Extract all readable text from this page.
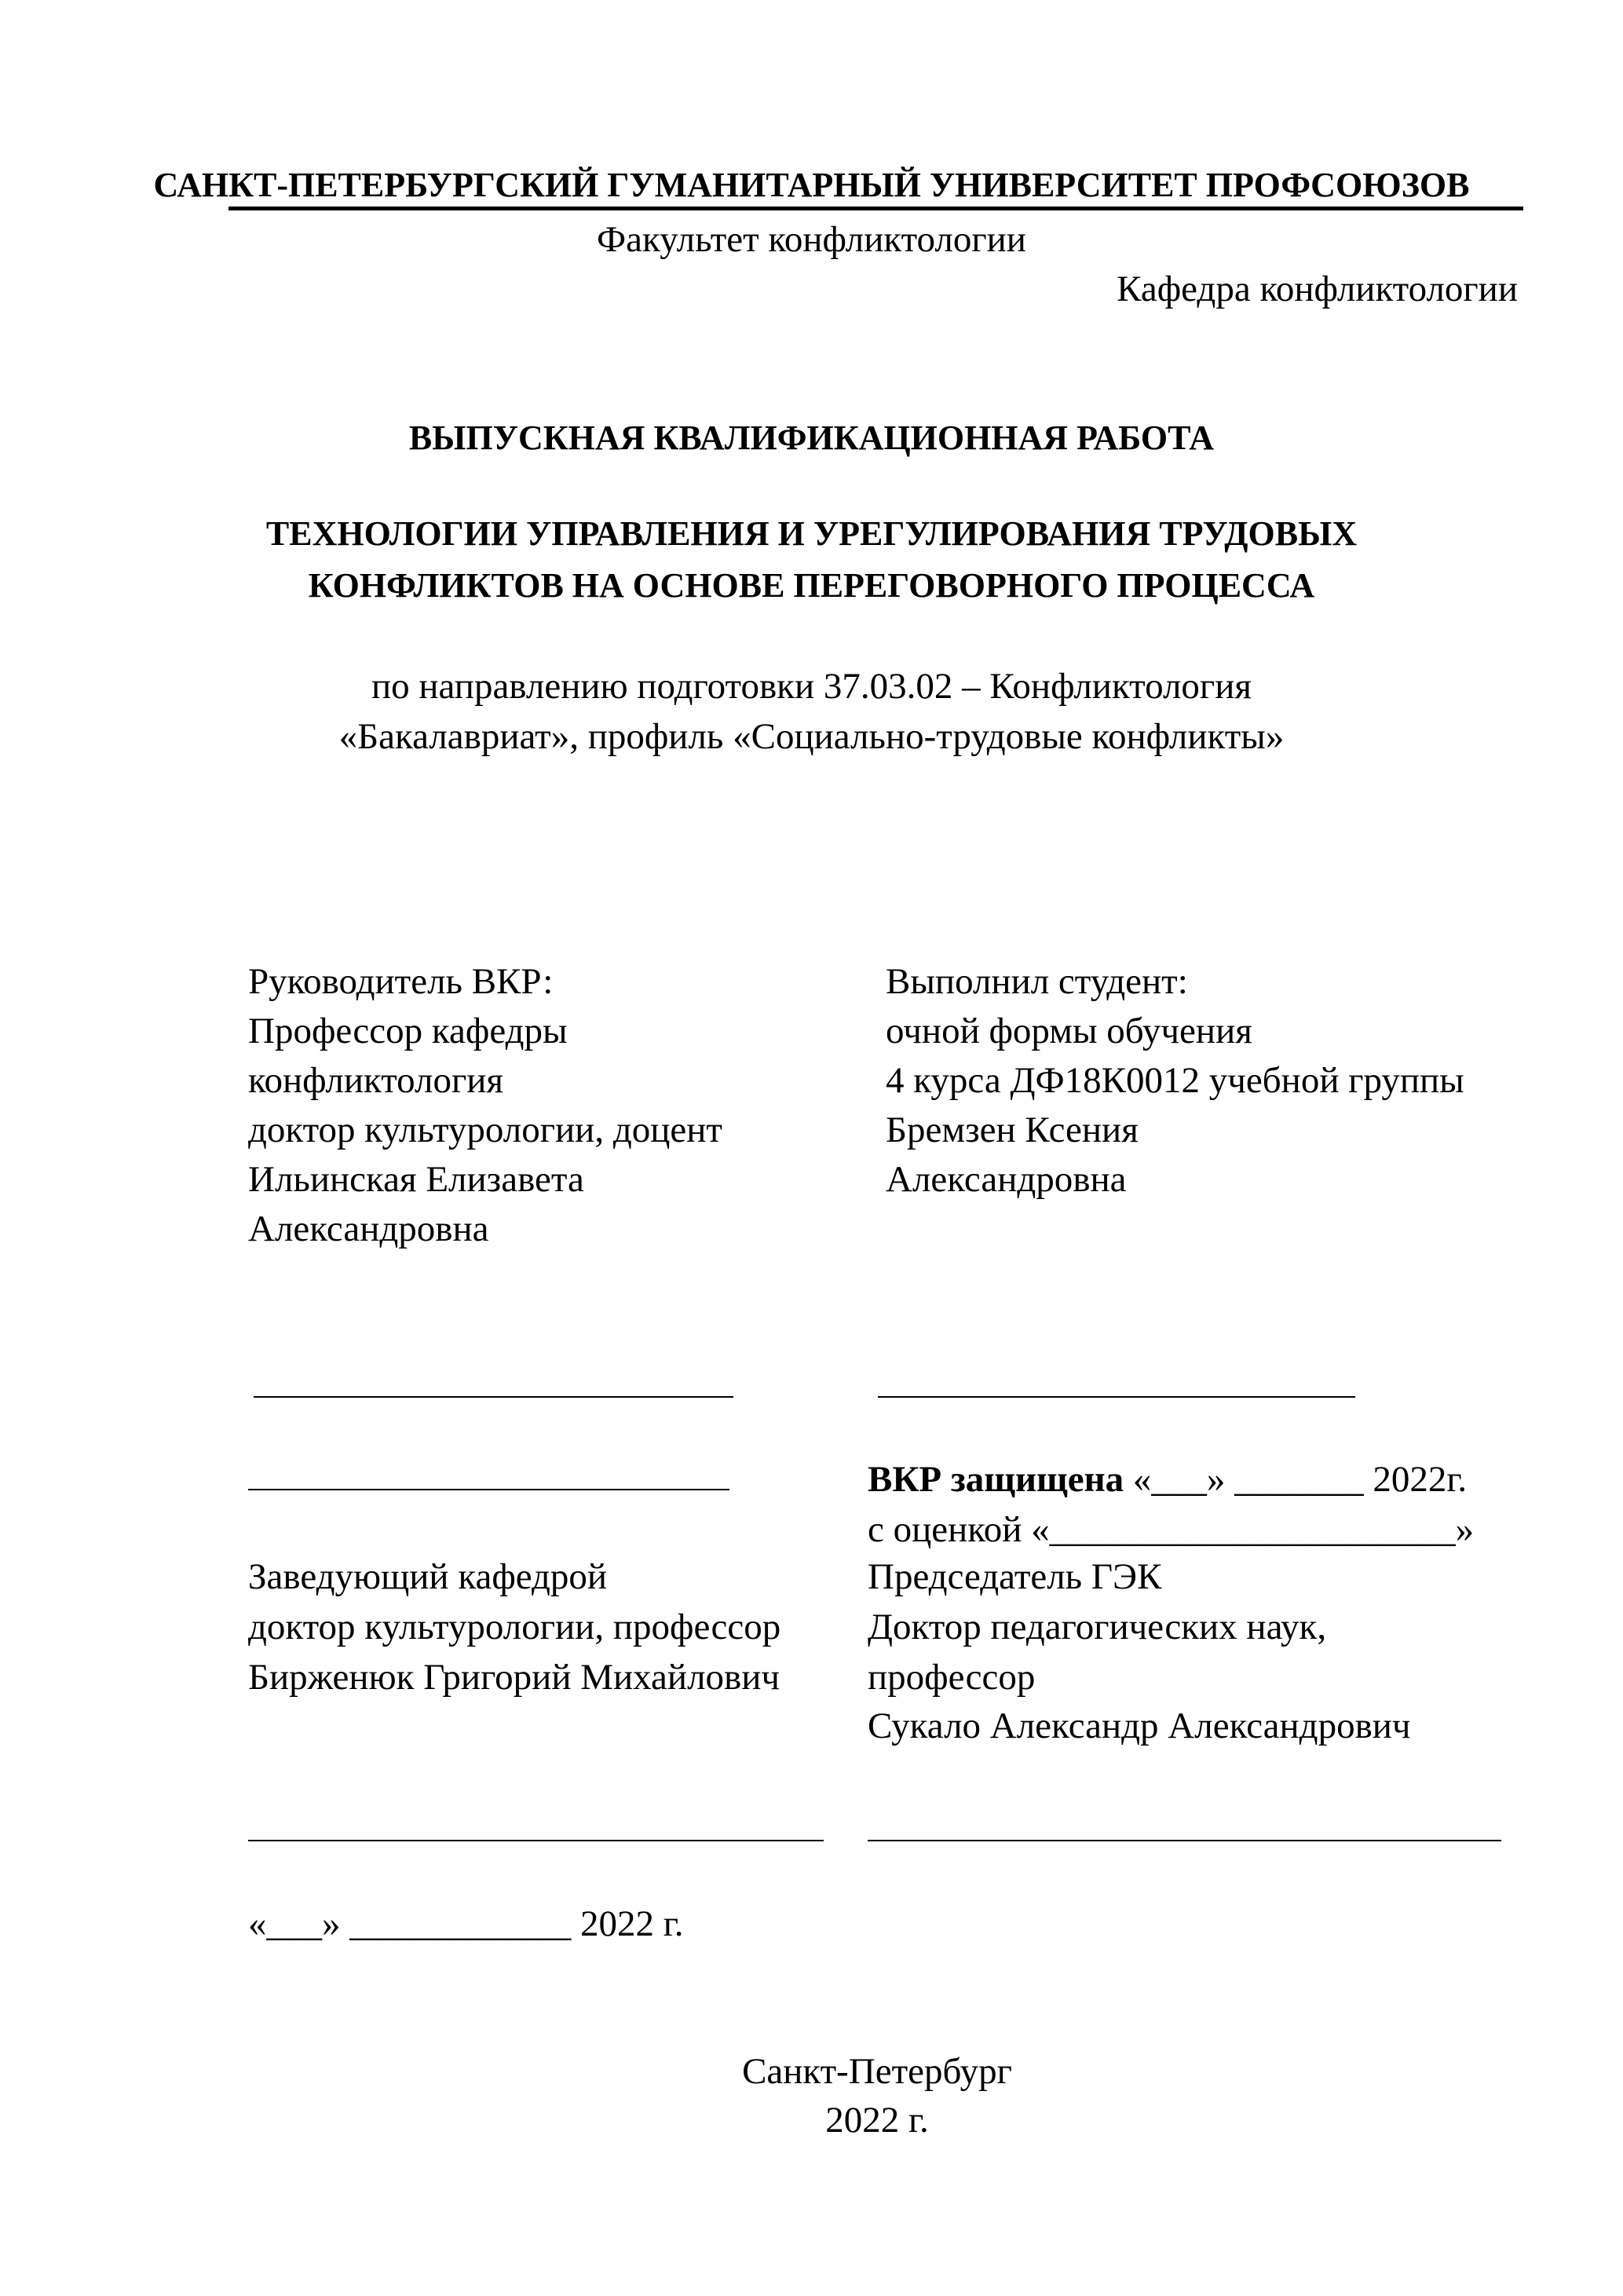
САНКТ-ПЕТЕРБУРГСКИЙ ГУМАНИТАРНЫЙ УНИВЕРСИТЕТ ПРОФСОЮЗОВ
Факультет конфликтологии
Кафедра конфликтологии
ВЫПУСКНАЯ КВАЛИФИКАЦИОННАЯ РАБОТА
ТЕХНОЛОГИИ УПРАВЛЕНИЯ И УРЕГУЛИРОВАНИЯ ТРУДОВЫХ
КОНФЛИКТОВ НА ОСНОВЕ ПЕРЕГОВОРНОГО ПРОЦЕССА
по направлению подготовки 37.03.02 – Конфликтология
«Бакалавриат», профиль «Социально-трудовые конфликты»
Руководитель ВКР:
Профессор кафедры
конфликтология
доктор культурологии, доцент
Ильинская Елизавета
Александровна
Выполнил студент:
очной формы обучения
4 курса ДФ18К0012 учебной группы
Бремзен Ксения
Александровна
ВКР защищена «___» _______ 2022г.
с оценкой «______________________»
Заведующий кафедрой
доктор культурологии, профессор
Бирженюк Григорий Михайлович
Председатель ГЭК
Доктор педагогических наук,
профессор
Сукало Александр Александрович
«___» ____________ 2022 г.
Санкт-Петербург
2022 г.
